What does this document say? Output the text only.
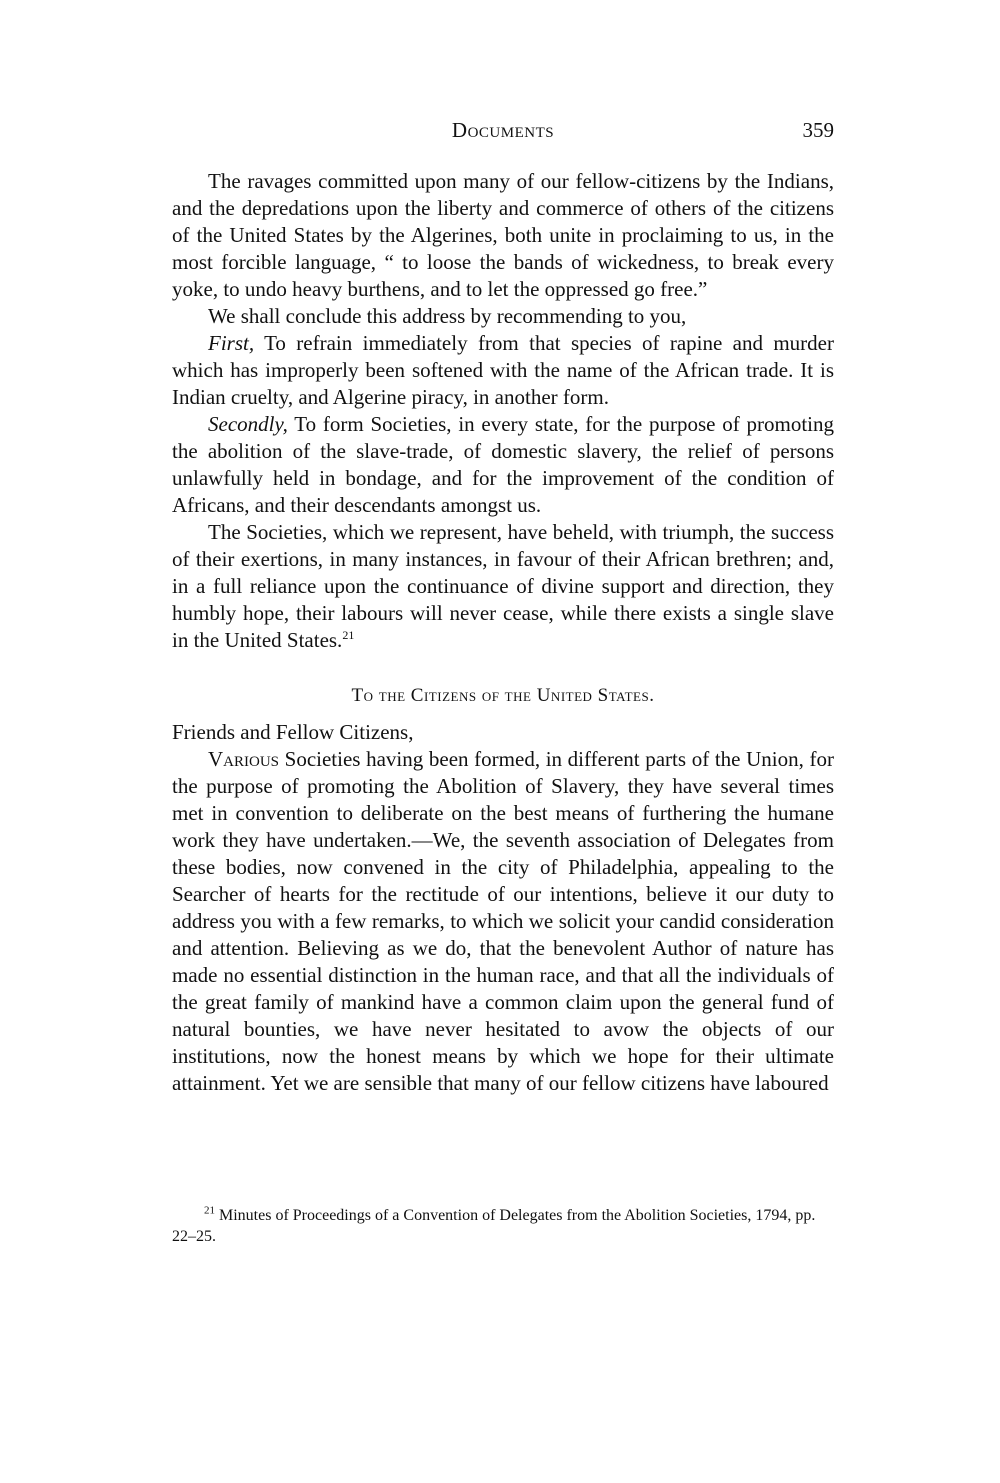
Documents	359

The ravages committed upon many of our fellow-citizens by the Indians, and the depredations upon the liberty and commerce of others of the citizens of the United States by the Algerines, both unite in proclaiming to us, in the most forcible language, “ to loose the bands of wickedness, to break every yoke, to undo heavy burthens, and to let the oppressed go free.”

We shall conclude this address by recommending to you,

First, To refrain immediately from that species of rapine and murder which has improperly been softened with the name of the African trade. It is Indian cruelty, and Algerine piracy, in another form.

Secondly, To form Societies, in every state, for the purpose of promoting the abolition of the slave-trade, of domestic slavery, the relief of persons unlawfully held in bondage, and for the improvement of the condition of Africans, and their descendants amongst us.

The Societies, which we represent, have beheld, with triumph, the success of their exertions, in many instances, in favour of their African brethren; and, in a full reliance upon the continuance of divine support and direction, they humbly hope, their labours will never cease, while there exists a single slave in the United States.$^{21}$

To the Citizens of the United States.

Friends and Fellow Citizens,

Various Societies having been formed, in different parts of the Union, for the purpose of promoting the Abolition of Slavery, they have several times met in convention to deliberate on the best means of furthering the humane work they have undertaken.—We, the seventh association of Delegates from these bodies, now convened in the city of Philadelphia, appealing to the Searcher of hearts for the rectitude of our intentions, believe it our duty to address you with a few remarks, to which we solicit your candid consideration and attention. Believing as we do, that the benevolent Author of nature has made no essential distinction in the human race, and that all the individuals of the great family of mankind have a common claim upon the general fund of natural bounties, we have never hesitated to avow the objects of our institutions, now the honest means by which we hope for their ultimate attainment. Yet we are sensible that many of our fellow citizens have laboured

$^{21}$ Minutes of Proceedings of a Convention of Delegates from the Abolition Societies, 1794, pp. 22–25.
